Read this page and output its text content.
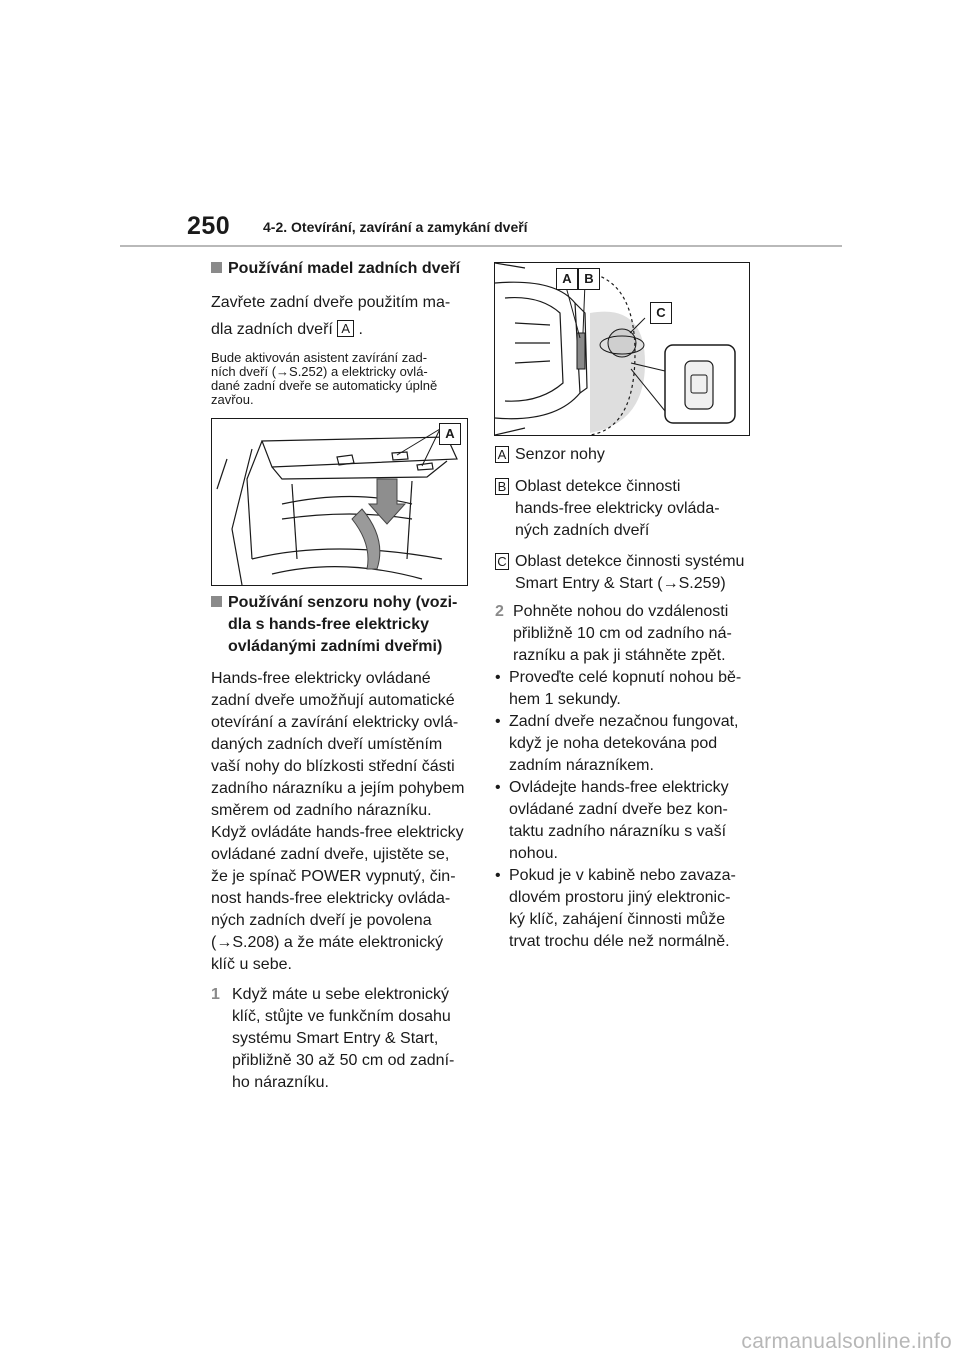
250 4-2. Otevírání, zavírání a zamykání dveří
Používání madel zadních dveří
Zavřete zadní dveře použitím ma-
dla zadních dveří A .
Bude aktivován asistent zavírání zad-
ních dveří (→S.252) a elektricky ovlá-
dané zadní dveře se automaticky úplně
zavřou.
A
Používání senzoru nohy (vozi-
dla s hands-free elektricky
ovládanými zadními dveřmi)
Hands-free elektricky ovládané
zadní dveře umožňují automatické
otevírání a zavírání elektricky ovlá-
daných zadních dveří umístěním
vaší nohy do blízkosti střední části
zadního nárazníku a jejím pohybem
směrem od zadního nárazníku.
Když ovládáte hands-free elektricky
ovládané zadní dveře, ujistěte se,
že je spínač POWER vypnutý, čin-
nost hands-free elektricky ovláda-
ných zadních dveří je povolena
(→S.208) a že máte elektronický
klíč u sebe.
1 Když máte u sebe elektronický
klíč, stůjte ve funkčním dosahu
systému Smart Entry & Start,
přibližně 30 až 50 cm od zadní-
ho nárazníku.
A B
C
A Senzor nohy
B Oblast detekce činnosti
hands-free elektricky ovláda-
ných zadních dveří
C Oblast detekce činnosti systému
Smart Entry & Start (→S.259)
2 Pohněte nohou do vzdálenosti
přibližně 10 cm od zadního ná-
razníku a pak ji stáhněte zpět.
• Proveďte celé kopnutí nohou bě-
hem 1 sekundy.
• Zadní dveře nezačnou fungovat,
když je noha detekována pod
zadním nárazníkem.
• Ovládejte hands-free elektricky
ovládané zadní dveře bez kon-
taktu zadního nárazníku s vaší
nohou.
• Pokud je v kabině nebo zavaza-
dlovém prostoru jiný elektronic-
ký klíč, zahájení činnosti může
trvat trochu déle než normálně.
carmanualsonline.info
